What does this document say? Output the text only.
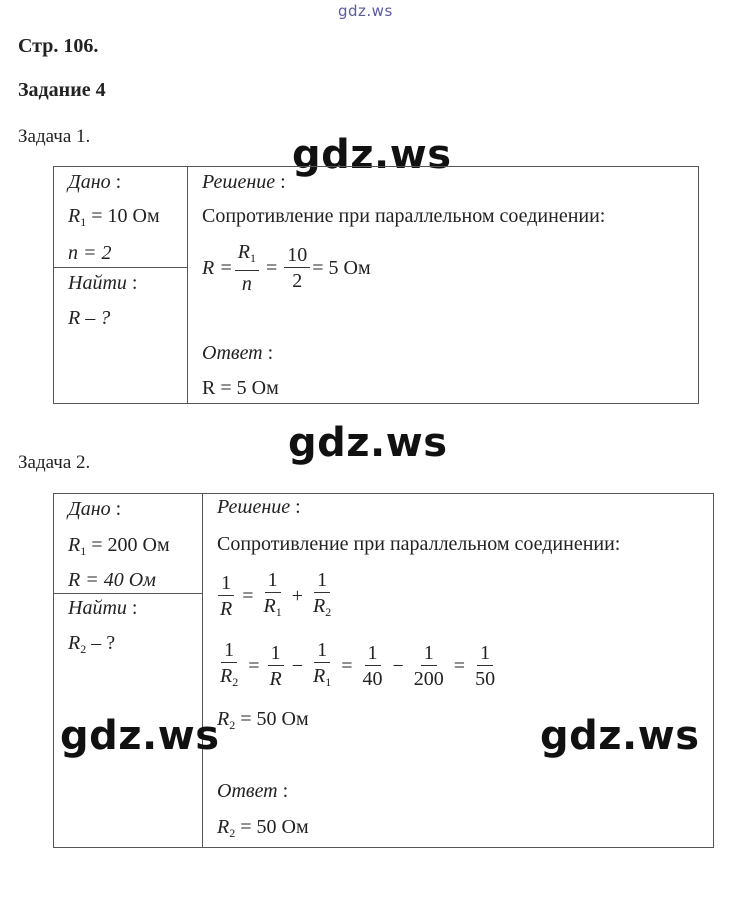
gdz.ws
Стр. 106.
Задание 4
Задача 1.	gdz.ws
Дано :
$R_1 = 10$ Ом
n = 2
Найти :
R – ?
Решение :
Сопротивление при параллельном соединении:
$R = \frac{R_1}{n} = \frac{10}{2} = 5$ Ом
Ответ :
R = 5 Ом
gdz.ws
Задача 2.
Дано :
$R_1 = 200$ Ом
R = 40 Ом
Найти :
$R_2$ – ?
Решение :
Сопротивление при параллельном соединении:
$\frac{1}{R} = \frac{1}{R_1} + \frac{1}{R_2}$
$\frac{1}{R_2} = \frac{1}{R} - \frac{1}{R_1} = \frac{1}{40} - \frac{1}{200} = \frac{1}{50}$
$R_2 = 50$ Ом
gdz.ws	gdz.ws
Ответ :
$R_2 = 50$ Ом
